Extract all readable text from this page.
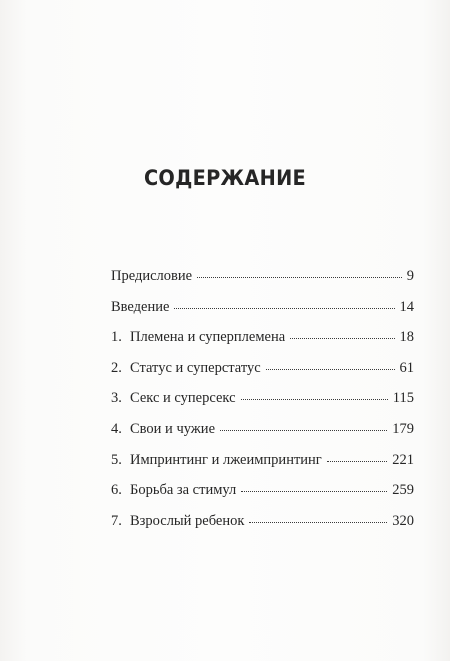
СОДЕРЖАНИЕ
Предисловие	9
Введение	14
1. Племена и суперплемена	18
2. Статус и суперстатус	61
3. Секс и суперсекс	115
4. Свои и чужие	179
5. Импринтинг и лжеимпринтинг	221
6. Борьба за стимул	259
7. Взрослый ребенок	320
